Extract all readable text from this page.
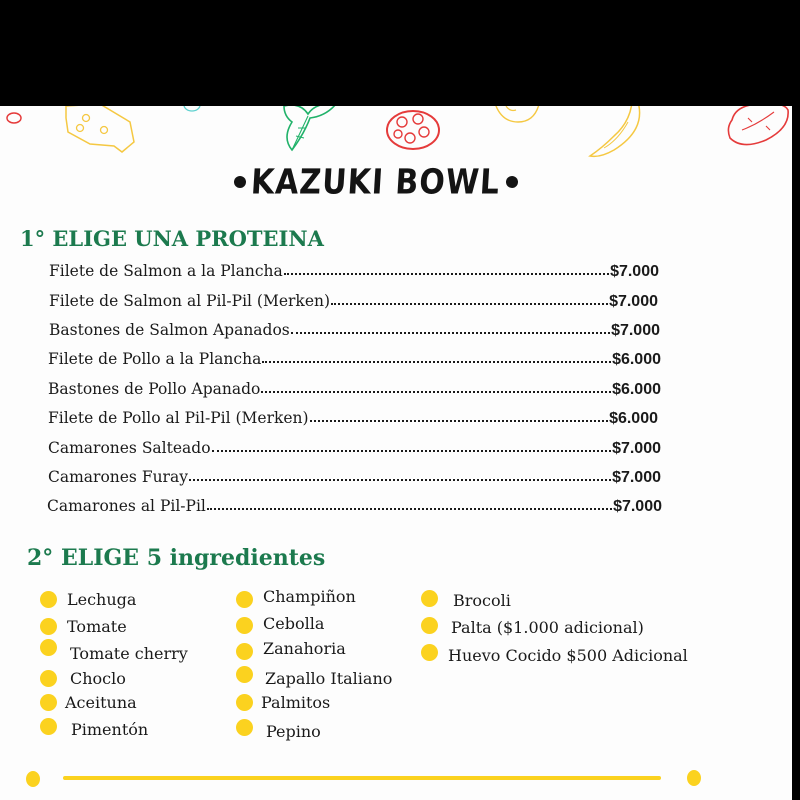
KAZUKI BOWL
1° ELIGE UNA PROTEINA
Filete de Salmon a la Plancha	$7.000
Filete de Salmon al Pil-Pil (Merken)	$7.000
Bastones de Salmon Apanados	$7.000
Filete de Pollo a la Plancha	$6.000
Bastones de Pollo Apanado	$6.000
Filete de Pollo al Pil-Pil (Merken)	$6.000
Camarones Salteado	$7.000
Camarones Furay	$7.000
Camarones al Pil-Pil	$7.000
2° ELIGE 5 ingredientes
Lechuga
Tomate
Tomate cherry
Choclo
Aceituna
Pimentón
Champiñon
Cebolla
Zanahoria
Zapallo Italiano
Palmitos
Pepino
Brocoli
Palta ($1.000 adicional)
Huevo Cocido $500 Adicional
